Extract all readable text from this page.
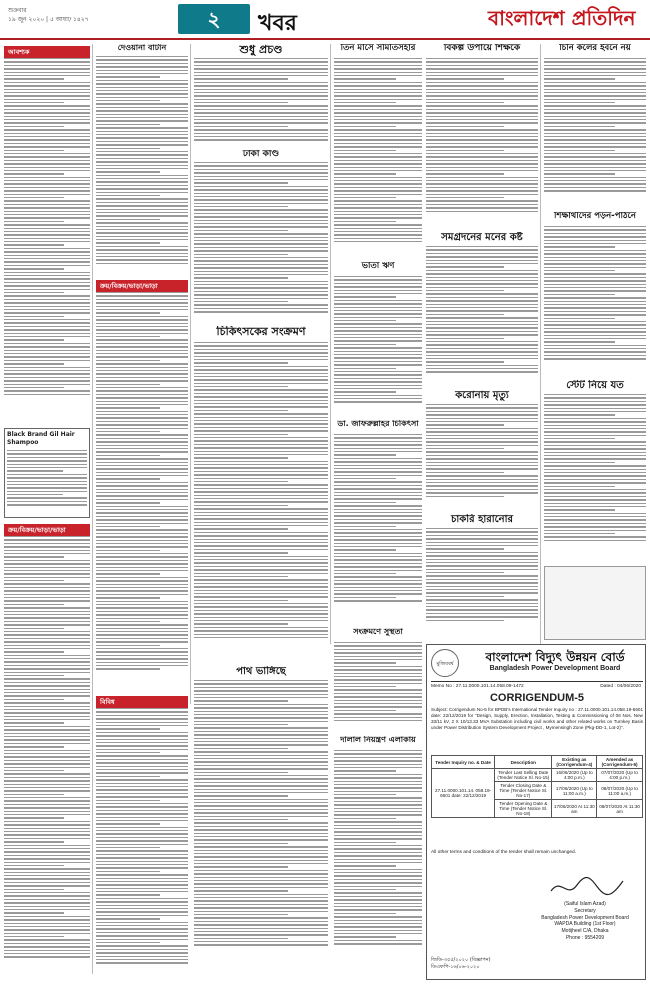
শুক্রবার
১৯ জুন ২০২০ | ৫ আষাঢ় ১৪২৭	২	খবর	বাংলাদেশ প্রতিদিন
আবশ্যক
Black Brand Gil Hair Shampoo
ক্রয়/বিক্রয়/ভাড়া/ভাড়া
দেওয়ানা বাটান
ক্রয়/বিক্রয়/ভাড়া/ভাড়া
বিবিধ
শুধু প্রচণ্ড
ঢাকা কাণ্ড
চিকিৎসকের সংক্রমণ
পাথ ভাঙ্গিছে
তিন মাসে সমিতিসহার
ভাতা ঋণ
ডা. জাফরুল্লাহর চিকিৎসা
সংক্রমণে সুস্থতা
বিকল্প উপায়ে শিক্ষকে
সমগ্রদনের মনের কষ্ট
করোনায় মৃত্যু
চাকরি হারানোর
চিনি কলের ইবনে নয়
শিক্ষার্থীদের পড়ন-পাঠনে
স্টেট নিয়ে যত
দালাল নিয়ন্ত্রণ এলাকায়
মুজিববর্ষ	বাংলাদেশ বিদ্যুৎ উন্নয়ন বোর্ড
Bangladesh Power Development Board
Memo No : 27.11.0000.101.14.058.09-1472	Dated : 04/06/2020
CORRIGENDUM-5
Subject: Corrigendum No-5 for BPDB's International Tender Inquiry no : 27.11.0000.101.14.058.19-6601 date: 22/12/2019 for "Design, Supply, Erection, Installation, Testing & Commissioning of 06 Nos. New 33/11 kV, 2 X 10/13.33 MVA Substation including civil works and other related works on Turnkey Basis under Power Distribution System Development Project , Mymensingh Zone (Pkg-DD-1, Lot-2)".
Tender Inquiry no. & Date	Description	Existing as (Corrigendum-4)	Amended as (Corrigendum-5)
27.11.0000.101.14. 058.19-6601 date: 22/12/2019	Tender Last Selling Date (Tender Notice Sl. No-15)	16/06/2020 (Up to 4:00 p.m.)	07/07/2020 (Up to 4:00 p.m.)
	Tender Closing Date & Time (Tender Notice Sl. No-17)	17/06/2020 (Up to 11:00 a.m.)	08/07/2020 (Up to 11:00 a.m.)
	Tender Opening Date & Time (Tender Notice Sl. No-18)	17/06/2020 At 11:30 am	08/07/2020 At 11:30 am
All other terms and conditions of the tender shall remain unchanged.
(Saiful Islam Azad)
Secretary
Bangladesh Power Development Board
WAPDA Building (1st Floor)
Motijheel C/A, Dhaka
Phone : 9554209
জিডি-৩৫৫/২০২০ (বিজ্ঞাপন)
ডিএফপি-১৬/০৬-২০২০
